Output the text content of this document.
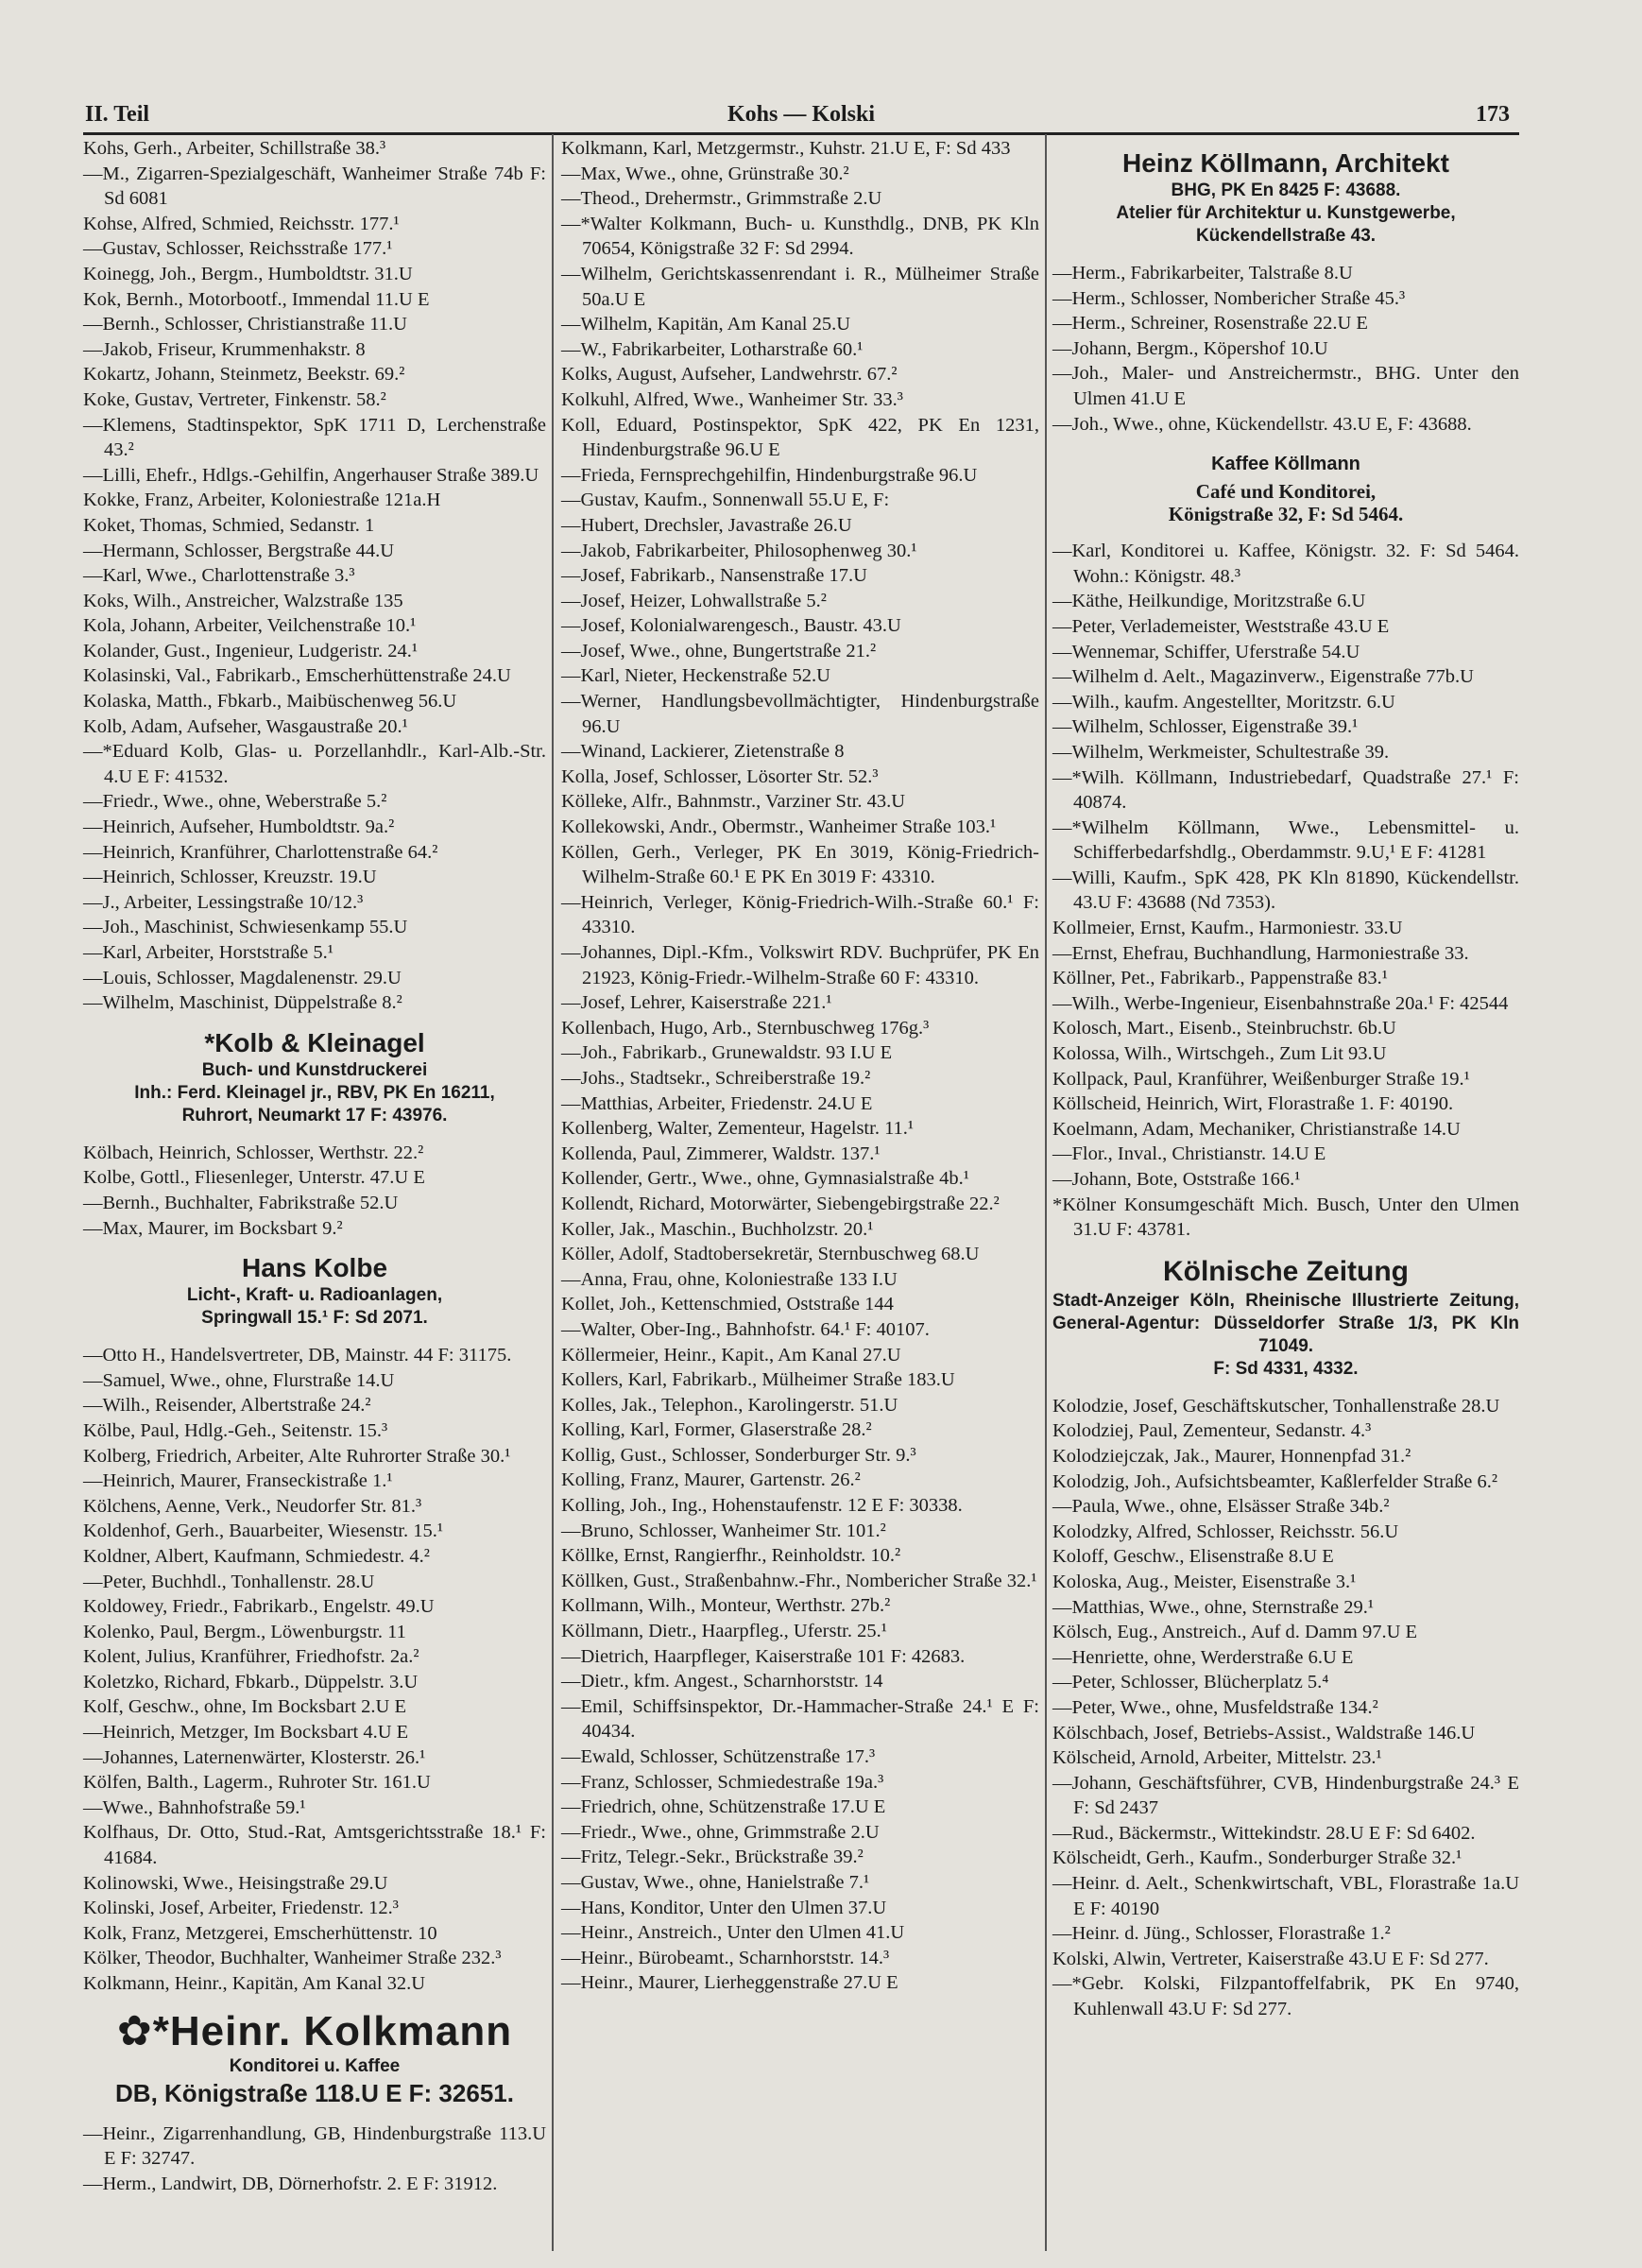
II. Teil	Kohs — Kolski	173
Kohs, Gerh., Arbeiter, Schillstraße 38.³
—M., Zigarren-Spezialgeschäft, Wanheimer Straße 74b F: Sd 6081
Kohse, Alfred, Schmied, Reichsstr. 177.¹
—Gustav, Schlosser, Reichsstraße 177.¹
Koinegg, Joh., Bergm., Humboldtstr. 31.U
Kok, Bernh., Motorbootf., Immendal 11.U E
—Bernh., Schlosser, Christianstraße 11.U
—Jakob, Friseur, Krummenhakstr. 8
Kokartz, Johann, Steinmetz, Beekstr. 69.²
Koke, Gustav, Vertreter, Finkenstr. 58.²
—Klemens, Stadtinspektor, SpK 1711 D, Lerchenstraße 43.²
—Lilli, Ehefr., Hdlgs.-Gehilfin, Angerhauser Straße 389.U
Kokke, Franz, Arbeiter, Koloniestraße 121a.H
Koket, Thomas, Schmied, Sedanstr. 1
—Hermann, Schlosser, Bergstraße 44.U
—Karl, Wwe., Charlottenstraße 3.³
Koks, Wilh., Anstreicher, Walzstraße 135
Kola, Johann, Arbeiter, Veilchenstraße 10.¹
Kolander, Gust., Ingenieur, Ludgeristr. 24.¹
Kolasinski, Val., Fabrikarb., Emscherhüttenstraße 24.U
Kolaska, Matth., Fbkarb., Maibüschenweg 56.U
Kolb, Adam, Aufseher, Wasgaustraße 20.¹
—*Eduard Kolb, Glas- u. Porzellanhdlr., Karl-Alb.-Str. 4.U E F: 41532.
—Friedr., Wwe., ohne, Weberstraße 5.²
—Heinrich, Aufseher, Humboldtstr. 9a.²
—Heinrich, Kranführer, Charlottenstraße 64.²
—Heinrich, Schlosser, Kreuzstr. 19.U
—J., Arbeiter, Lessingstraße 10/12.³
—Joh., Maschinist, Schwiesenkamp 55.U
—Karl, Arbeiter, Horststraße 5.¹
—Louis, Schlosser, Magdalenenstr. 29.U
—Wilhelm, Maschinist, Düppelstraße 8.²
*Kolb & Kleinagel
Buch- und Kunstdruckerei
Inh.: Ferd. Kleinagel jr., RBV, PK En 16211,
Ruhrort, Neumarkt 17 F: 43976.
Kölbach, Heinrich, Schlosser, Werthstr. 22.²
Kolbe, Gottl., Fliesenleger, Unterstr. 47.U E
—Bernh., Buchhalter, Fabrikstraße 52.U
—Max, Maurer, im Bocksbart 9.²
Hans Kolbe
Licht-, Kraft- u. Radioanlagen,
Springwall 15.¹ F: Sd 2071.
—Otto H., Handelsvertreter, DB, Mainstr. 44 F: 31175.
—Samuel, Wwe., ohne, Flurstraße 14.U
—Wilh., Reisender, Albertstraße 24.²
Kölbe, Paul, Hdlg.-Geh., Seitenstr. 15.³
Kolberg, Friedrich, Arbeiter, Alte Ruhrorter Straße 30.¹
—Heinrich, Maurer, Franseckistraße 1.¹
Kölchens, Aenne, Verk., Neudorfer Str. 81.³
Koldenhof, Gerh., Bauarbeiter, Wiesenstr. 15.¹
Koldner, Albert, Kaufmann, Schmiedestr. 4.²
—Peter, Buchhdl., Tonhallenstr. 28.U
Koldowey, Friedr., Fabrikarb., Engelstr. 49.U
Kolenko, Paul, Bergm., Löwenburgstr. 11
Kolent, Julius, Kranführer, Friedhofstr. 2a.²
Koletzko, Richard, Fbkarb., Düppelstr. 3.U
Kolf, Geschw., ohne, Im Bocksbart 2.U E
—Heinrich, Metzger, Im Bocksbart 4.U E
—Johannes, Laternenwärter, Klosterstr. 26.¹
Kölfen, Balth., Lagerm., Ruhroter Str. 161.U
—Wwe., Bahnhofstraße 59.¹
Kolfhaus, Dr. Otto, Stud.-Rat, Amtsgerichtsstraße 18.¹ F: 41684.
Kolinowski, Wwe., Heisingstraße 29.U
Kolinski, Josef, Arbeiter, Friedenstr. 12.³
Kolk, Franz, Metzgerei, Emscherhüttenstr. 10
Kölker, Theodor, Buchhalter, Wanheimer Straße 232.³
Kolkmann, Heinr., Kapitän, Am Kanal 32.U
✿*Heinr. Kolkmann
Konditorei u. Kaffee
DB, Königstraße 118.U E F: 32651.
—Heinr., Zigarrenhandlung, GB, Hindenburgstraße 113.U E F: 32747.
—Herm., Landwirt, DB, Dörnerhofstr. 2. E F: 31912.
Kolkmann, Karl, Metzgermstr., Kuhstr. 21.U E, F: Sd 433
—Max, Wwe., ohne, Grünstraße 30.²
—Theod., Drehermstr., Grimmstraße 2.U
—*Walter Kolkmann, Buch- u. Kunsthdlg., DNB, PK Kln 70654, Königstraße 32 F: Sd 2994.
—Wilhelm, Gerichtskassenrendant i. R., Mülheimer Straße 50a.U E
—Wilhelm, Kapitän, Am Kanal 25.U
—W., Fabrikarbeiter, Lotharstraße 60.¹
Kolks, August, Aufseher, Landwehrstr. 67.²
Kolkuhl, Alfred, Wwe., Wanheimer Str. 33.³
Koll, Eduard, Postinspektor, SpK 422, PK En 1231, Hindenburgstraße 96.U E
—Frieda, Fernsprechgehilfin, Hindenburgstraße 96.U
—Gustav, Kaufm., Sonnenwall 55.U E, F:
—Hubert, Drechsler, Javastraße 26.U
—Jakob, Fabrikarbeiter, Philosophenweg 30.¹
—Josef, Fabrikarb., Nansenstraße 17.U
—Josef, Heizer, Lohwallstraße 5.²
—Josef, Kolonialwarengesch., Baustr. 43.U
—Josef, Wwe., ohne, Bungertstraße 21.²
—Karl, Nieter, Heckenstraße 52.U
—Werner, Handlungsbevollmächtigter, Hindenburgstraße 96.U
—Winand, Lackierer, Zietenstraße 8
Kolla, Josef, Schlosser, Lösorter Str. 52.³
Kölleke, Alfr., Bahnmstr., Varziner Str. 43.U
Kollekowski, Andr., Obermstr., Wanheimer Straße 103.¹
Köllen, Gerh., Verleger, PK En 3019, König-Friedrich-Wilhelm-Straße 60.¹ E PK En 3019 F: 43310.
—Heinrich, Verleger, König-Friedrich-Wilh.-Straße 60.¹ F: 43310.
—Johannes, Dipl.-Kfm., Volkswirt RDV. Buchprüfer, PK En 21923, König-Friedr.-Wilhelm-Straße 60 F: 43310.
—Josef, Lehrer, Kaiserstraße 221.¹
Kollenbach, Hugo, Arb., Sternbuschweg 176g.³
—Joh., Fabrikarb., Grunewaldstr. 93 I.U E
—Johs., Stadtsekr., Schreiberstraße 19.²
—Matthias, Arbeiter, Friedenstr. 24.U E
Kollenberg, Walter, Zementeur, Hagelstr. 11.¹
Kollenda, Paul, Zimmerer, Waldstr. 137.¹
Kollender, Gertr., Wwe., ohne, Gymnasialstraße 4b.¹
Kollendt, Richard, Motorwärter, Siebengebirgstraße 22.²
Koller, Jak., Maschin., Buchholzstr. 20.¹
Köller, Adolf, Stadtobersekretär, Sternbuschweg 68.U
—Anna, Frau, ohne, Koloniestraße 133 I.U
Kollet, Joh., Kettenschmied, Oststraße 144
—Walter, Ober-Ing., Bahnhofstr. 64.¹ F: 40107.
Köllermeier, Heinr., Kapit., Am Kanal 27.U
Kollers, Karl, Fabrikarb., Mülheimer Straße 183.U
Kolles, Jak., Telephon., Karolingerstr. 51.U
Kolling, Karl, Former, Glaserstraße 28.²
Kollig, Gust., Schlosser, Sonderburger Str. 9.³
Kolling, Franz, Maurer, Gartenstr. 26.²
Kolling, Joh., Ing., Hohenstaufenstr. 12 E F: 30338.
—Bruno, Schlosser, Wanheimer Str. 101.²
Köllke, Ernst, Rangierfhr., Reinholdstr. 10.²
Köllken, Gust., Straßenbahnw.-Fhr., Nombericher Straße 32.¹
Kollmann, Wilh., Monteur, Werthstr. 27b.²
Köllmann, Dietr., Haarpfleg., Uferstr. 25.¹
—Dietrich, Haarpfleger, Kaiserstraße 101 F: 42683.
—Dietr., kfm. Angest., Scharnhorststr. 14
—Emil, Schiffsinspektor, Dr.-Hammacher-Straße 24.¹ E F: 40434.
—Ewald, Schlosser, Schützenstraße 17.³
—Franz, Schlosser, Schmiedestraße 19a.³
—Friedrich, ohne, Schützenstraße 17.U E
—Friedr., Wwe., ohne, Grimmstraße 2.U
—Fritz, Telegr.-Sekr., Brückstraße 39.²
—Gustav, Wwe., ohne, Hanielstraße 7.¹
—Hans, Konditor, Unter den Ulmen 37.U
—Heinr., Anstreich., Unter den Ulmen 41.U
—Heinr., Bürobeamt., Scharnhorststr. 14.³
—Heinr., Maurer, Lierheggenstraße 27.U E
Heinz Köllmann, Architekt
BHG, PK En 8425 F: 43688.
Atelier für Architektur u. Kunstgewerbe,
Kückendellstraße 43.
—Herm., Fabrikarbeiter, Talstraße 8.U
—Herm., Schlosser, Nombericher Straße 45.³
—Herm., Schreiner, Rosenstraße 22.U E
—Johann, Bergm., Köpershof 10.U
—Joh., Maler- und Anstreichermstr., BHG. Unter den Ulmen 41.U E
—Joh., Wwe., ohne, Kückendellstr. 43.U E, F: 43688.
Kaffee Köllmann
Café und Konditorei,
Königstraße 32, F: Sd 5464.
—Karl, Konditorei u. Kaffee, Königstr. 32. F: Sd 5464. Wohn.: Königstr. 48.³
—Käthe, Heilkundige, Moritzstraße 6.U
—Peter, Verlademeister, Weststraße 43.U E
—Wennemar, Schiffer, Uferstraße 54.U
—Wilhelm d. Aelt., Magazinverw., Eigenstraße 77b.U
—Wilh., kaufm. Angestellter, Moritzstr. 6.U
—Wilhelm, Schlosser, Eigenstraße 39.¹
—Wilhelm, Werkmeister, Schultestraße 39.
—*Wilh. Köllmann, Industriebedarf, Quadstraße 27.¹ F: 40874.
—*Wilhelm Köllmann, Wwe., Lebensmittel- u. Schifferbedarfshdlg., Oberdammstr. 9.U,¹ E F: 41281
—Willi, Kaufm., SpK 428, PK Kln 81890, Kückendellstr. 43.U F: 43688 (Nd 7353).
Kollmeier, Ernst, Kaufm., Harmoniestr. 33.U
—Ernst, Ehefrau, Buchhandlung, Harmoniestraße 33.
Köllner, Pet., Fabrikarb., Pappenstraße 83.¹
—Wilh., Werbe-Ingenieur, Eisenbahnstraße 20a.¹ F: 42544
Kolosch, Mart., Eisenb., Steinbruchstr. 6b.U
Kolossa, Wilh., Wirtschgeh., Zum Lit 93.U
Kollpack, Paul, Kranführer, Weißenburger Straße 19.¹
Köllscheid, Heinrich, Wirt, Florastraße 1. F: 40190.
Koelmann, Adam, Mechaniker, Christianstraße 14.U
—Flor., Inval., Christianstr. 14.U E
—Johann, Bote, Oststraße 166.¹
*Kölner Konsumgeschäft Mich. Busch, Unter den Ulmen 31.U F: 43781.
Kölnische Zeitung
Stadt-Anzeiger Köln, Rheinische Illustrierte Zeitung, General-Agentur: Düsseldorfer Straße 1/3, PK Kln 71049.
F: Sd 4331, 4332.
Kolodzie, Josef, Geschäftskutscher, Tonhallenstraße 28.U
Kolodziej, Paul, Zementeur, Sedanstr. 4.³
Kolodziejczak, Jak., Maurer, Honnenpfad 31.²
Kolodzig, Joh., Aufsichtsbeamter, Kaßlerfelder Straße 6.²
—Paula, Wwe., ohne, Elsässer Straße 34b.²
Kolodzky, Alfred, Schlosser, Reichsstr. 56.U
Koloff, Geschw., Elisenstraße 8.U E
Koloska, Aug., Meister, Eisenstraße 3.¹
—Matthias, Wwe., ohne, Sternstraße 29.¹
Kölsch, Eug., Anstreich., Auf d. Damm 97.U E
—Henriette, ohne, Werderstraße 6.U E
—Peter, Schlosser, Blücherplatz 5.⁴
—Peter, Wwe., ohne, Musfeldstraße 134.²
Kölschbach, Josef, Betriebs-Assist., Waldstraße 146.U
Kölscheid, Arnold, Arbeiter, Mittelstr. 23.¹
—Johann, Geschäftsführer, CVB, Hindenburgstraße 24.³ E F: Sd 2437
—Rud., Bäckermstr., Wittekindstr. 28.U E F: Sd 6402.
Kölscheidt, Gerh., Kaufm., Sonderburger Straße 32.¹
—Heinr. d. Aelt., Schenkwirtschaft, VBL, Florastraße 1a.U E F: 40190
—Heinr. d. Jüng., Schlosser, Florastraße 1.²
Kolski, Alwin, Vertreter, Kaiserstraße 43.U E F: Sd 277.
—*Gebr. Kolski, Filzpantoffelfabrik, PK En 9740, Kuhlenwall 43.U F: Sd 277.
